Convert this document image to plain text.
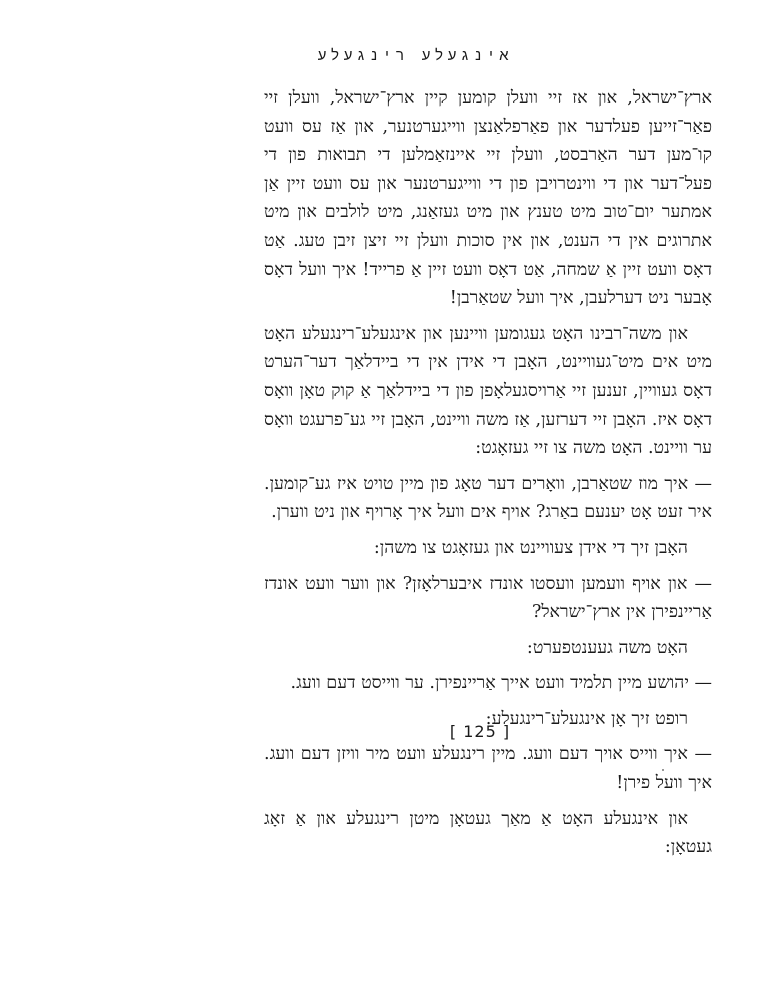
אינגעלע רינגעלע

ארץ־ישראל, און אז זיי וועלן קומען קיין ארץ־ישראל, וועלן זיי פאַר־זייען פעלדער און פאַרפלאַנצן ווייגערטנער, און אַז עס וועט קו־מען דער האַרבסט, וועלן זיי איינזאַמלען די תבואות פון די פעל־דער און די ווינטרויבן פון די ווייגערטנער און עס וועט זיין אַן אמתער יום־טוב מיט טענץ און מיט געזאַנג, מיט לולבים און מיט אתרוגים אין די הענט, און אין סוכות וועלן זיי זיצן זיבן טעג. אַט דאָס וועט זיין אַ שמחה, אַט דאָס וועט זיין אַ פרייד! איך וועל דאָס אָבער ניט דערלעבן, איך וועל שטאַרבן!

און משה־רבינו האָט געגומען וויינען און אינגעלע־רינגעלע האָט מיט אים מיט־געוויינט, האָבן די אידן אין די ביידלאַך דער־הערט דאָס געוויין, זענען זיי אַרויסגעלאָפן פון די ביידלאַך אַ קוק טאָן וואָס דאָס איז. האָבן זיי דערזען, אַז משה וויינט, האָבן זיי גע־פרעגט וואָס ער וויינט. האָט משה צו זיי געזאָגט:

— איך מוז שטאַרבן, וואָרים דער טאָג פון מיין טויט איז גע־קומען. איר זעט אָט יענעם באַרג? אויף אים וועל איך אָרויף און ניט ווערן.

האָבן זיך די אידן צעוויינט און געזאָגט צו משהן:

— און אויף וועמען וועסטו אונדז איבערלאָזן? און ווער וועט אונדז אַריינפירן אין ארץ־ישראל?

האָט משה געענטפערט:

— יהושע מיין תלמיד וועט אייך אַריינפירן. ער ווייסט דעם וועג.

רופט זיך אָן אינגעלע־רינגעלע:

— איך ווייס אויך דעם וועג. מיין רינגעלע וועט מיר וויזן דעם וועג. איך וועל פירן!

און אינגעלע האָט אַ מאַך געטאָן מיטן רינגעלע און אַ זאָג געטאָן:

[ 125 ]
